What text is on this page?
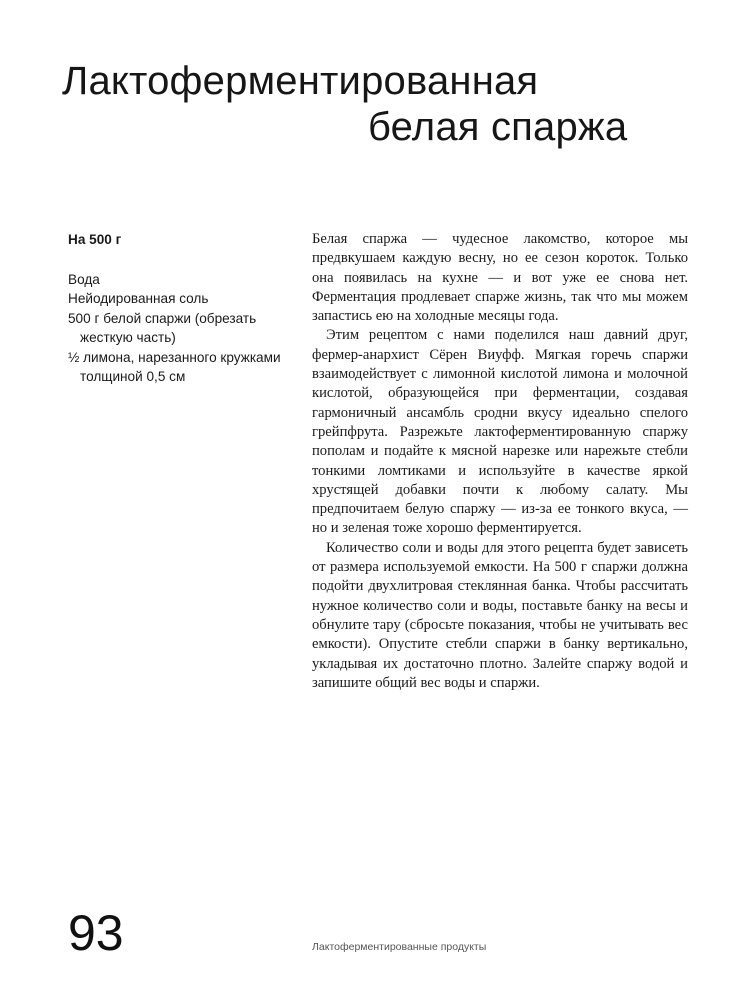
Лактоферментированная
белая спаржа

На 500 г

Вода
Нейодированная соль
500 г белой спаржи (обрезать жесткую часть)
½ лимона, нарезанного кружками толщиной 0,5 см

Белая спаржа — чудесное лакомство, которое мы предвкушаем каждую весну, но ее сезон короток. Только она появилась на кухне — и вот уже ее снова нет. Ферментация продлевает спарже жизнь, так что мы можем запастись ею на холодные месяцы года.

Этим рецептом с нами поделился наш давний друг, фермер-анархист Сёрен Виуфф. Мягкая горечь спаржи взаимодействует с лимонной кислотой лимона и молочной кислотой, образующейся при ферментации, создавая гармоничный ансамбль сродни вкусу идеально спелого грейпфрута. Разрежьте лактоферментированную спаржу пополам и подайте к мясной нарезке или нарежьте стебли тонкими ломтиками и используйте в качестве яркой хрустящей добавки почти к любому салату. Мы предпочитаем белую спаржу — из-за ее тонкого вкуса, — но и зеленая тоже хорошо ферментируется.

Количество соли и воды для этого рецепта будет зависеть от размера используемой емкости. На 500 г спаржи должна подойти двухлитровая стеклянная банка. Чтобы рассчитать нужное количество соли и воды, поставьте банку на весы и обнулите тару (сбросьте показания, чтобы не учитывать вес емкости). Опустите стебли спаржи в банку вертикально, укладывая их достаточно плотно. Залейте спаржу водой и запишите общий вес воды и спаржи.

93	Лактоферментированные продукты
